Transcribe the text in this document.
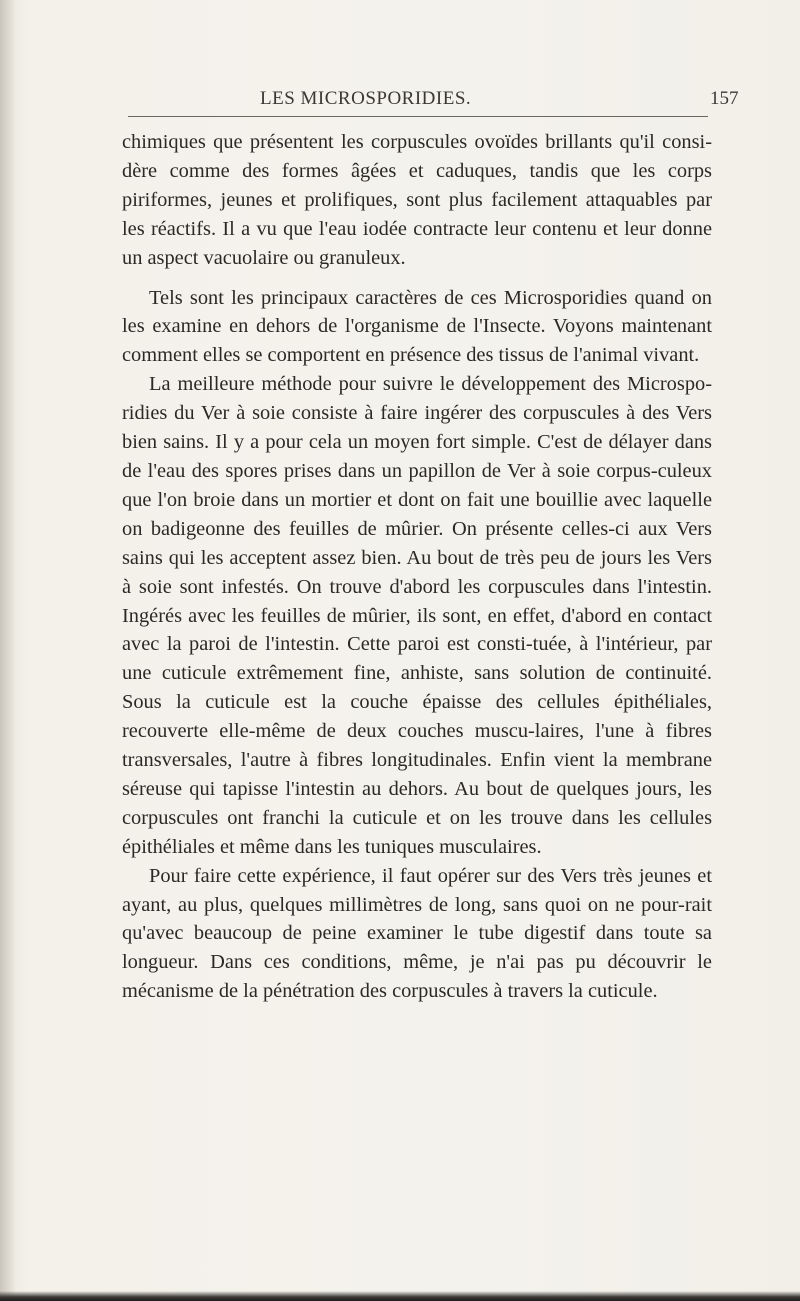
LES MICROSPORIDIES.	157

chimiques que présentent les corpuscules ovoïdes brillants qu'il consi-dère comme des formes âgées et caduques, tandis que les corps piriformes, jeunes et prolifiques, sont plus facilement attaquables par les réactifs. Il a vu que l'eau iodée contracte leur contenu et leur donne un aspect vacuolaire ou granuleux.

Tels sont les principaux caractères de ces Microsporidies quand on les examine en dehors de l'organisme de l'Insecte. Voyons maintenant comment elles se comportent en présence des tissus de l'animal vivant.

La meilleure méthode pour suivre le développement des Microspo-ridies du Ver à soie consiste à faire ingérer des corpuscules à des Vers bien sains. Il y a pour cela un moyen fort simple. C'est de délayer dans de l'eau des spores prises dans un papillon de Ver à soie corpus-culeux que l'on broie dans un mortier et dont on fait une bouillie avec laquelle on badigeonne des feuilles de mûrier. On présente celles-ci aux Vers sains qui les acceptent assez bien. Au bout de très peu de jours les Vers à soie sont infestés. On trouve d'abord les corpuscules dans l'intestin. Ingérés avec les feuilles de mûrier, ils sont, en effet, d'abord en contact avec la paroi de l'intestin. Cette paroi est consti-tuée, à l'intérieur, par une cuticule extrêmement fine, anhiste, sans solution de continuité. Sous la cuticule est la couche épaisse des cellules épithéliales, recouverte elle-même de deux couches muscu-laires, l'une à fibres transversales, l'autre à fibres longitudinales. Enfin vient la membrane séreuse qui tapisse l'intestin au dehors. Au bout de quelques jours, les corpuscules ont franchi la cuticule et on les trouve dans les cellules épithéliales et même dans les tuniques musculaires.

Pour faire cette expérience, il faut opérer sur des Vers très jeunes et ayant, au plus, quelques millimètres de long, sans quoi on ne pour-rait qu'avec beaucoup de peine examiner le tube digestif dans toute sa longueur. Dans ces conditions, même, je n'ai pas pu découvrir le mécanisme de la pénétration des corpuscules à travers la cuticule.
